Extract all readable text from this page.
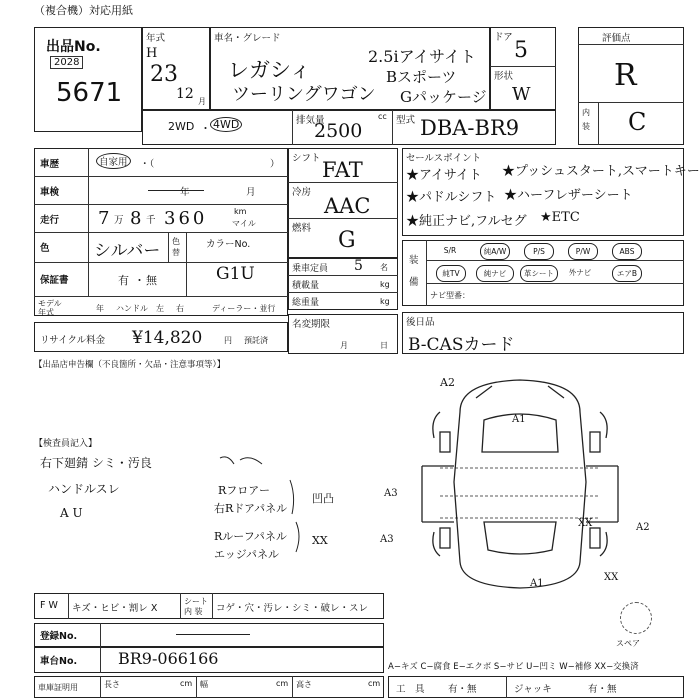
（複合機）対応用紙
出品No.
2028
5671
年式
H
23
12 月
車名・グレード
レガシィ
ツーリングワゴン
2.5iアイサイト
Bスポーツ
Gパッケージ
ドア
5
形状
W
評価点
R
内装 C
2WD ・ 4WD	排気量
2500
cc 型式 DBA-BR9
車歴	自家用	・（	）
車検	年	月
走行 7 万 8 千 360	km
マイル
色	シルバー 色替
カラーNo.
保証書	有 ・ 無	G1U
モデル
年式	年 ハンドル 左 右	ディーラー・並行
リサイクル料金 ¥14,820	円 預託済
シフト FAT
冷房
AAC
燃料 G
乗車定員 5 名
積載量	kg
総重量	kg
名変期限
月	日
セールスポイント
★アイサイト ★プッシュスタート,スマートキー
★パドルシフト ★ハーフレザーシート
★純正ナビ,フルセグ ★ETC
装備
S/R	純A/W	P/S	P/W	ABS
純TV	純ナビ	革シート	外ナビ	エアB
ナビ型番：
後日品
B-CASカード
【出品店申告欄（不良箇所・欠品・注意事項等）】
【検査員記入】
右下廻錆 シミ・汚良
ハンドルスレ
A U
Rフロアー
右Rドアパネル
Rルーフパネル
エッジパネル
凹凸
XX
A2
A1
A3
A2
XX
A3
A1
XX
スペア
F W キズ・ヒビ・割レ X
シート
内 装 コゲ・穴・汚レ・シミ・破レ・スレ
登録No.
車台No.	BR9-066166	A−キズ C−腐食 E−エクボ S−サビ U−凹ミ W−補修 XX−交換済
車庫証明用	長さ	cm 幅	cm 高さ	cm
工　具 有・無	ジャッキ	有・無
